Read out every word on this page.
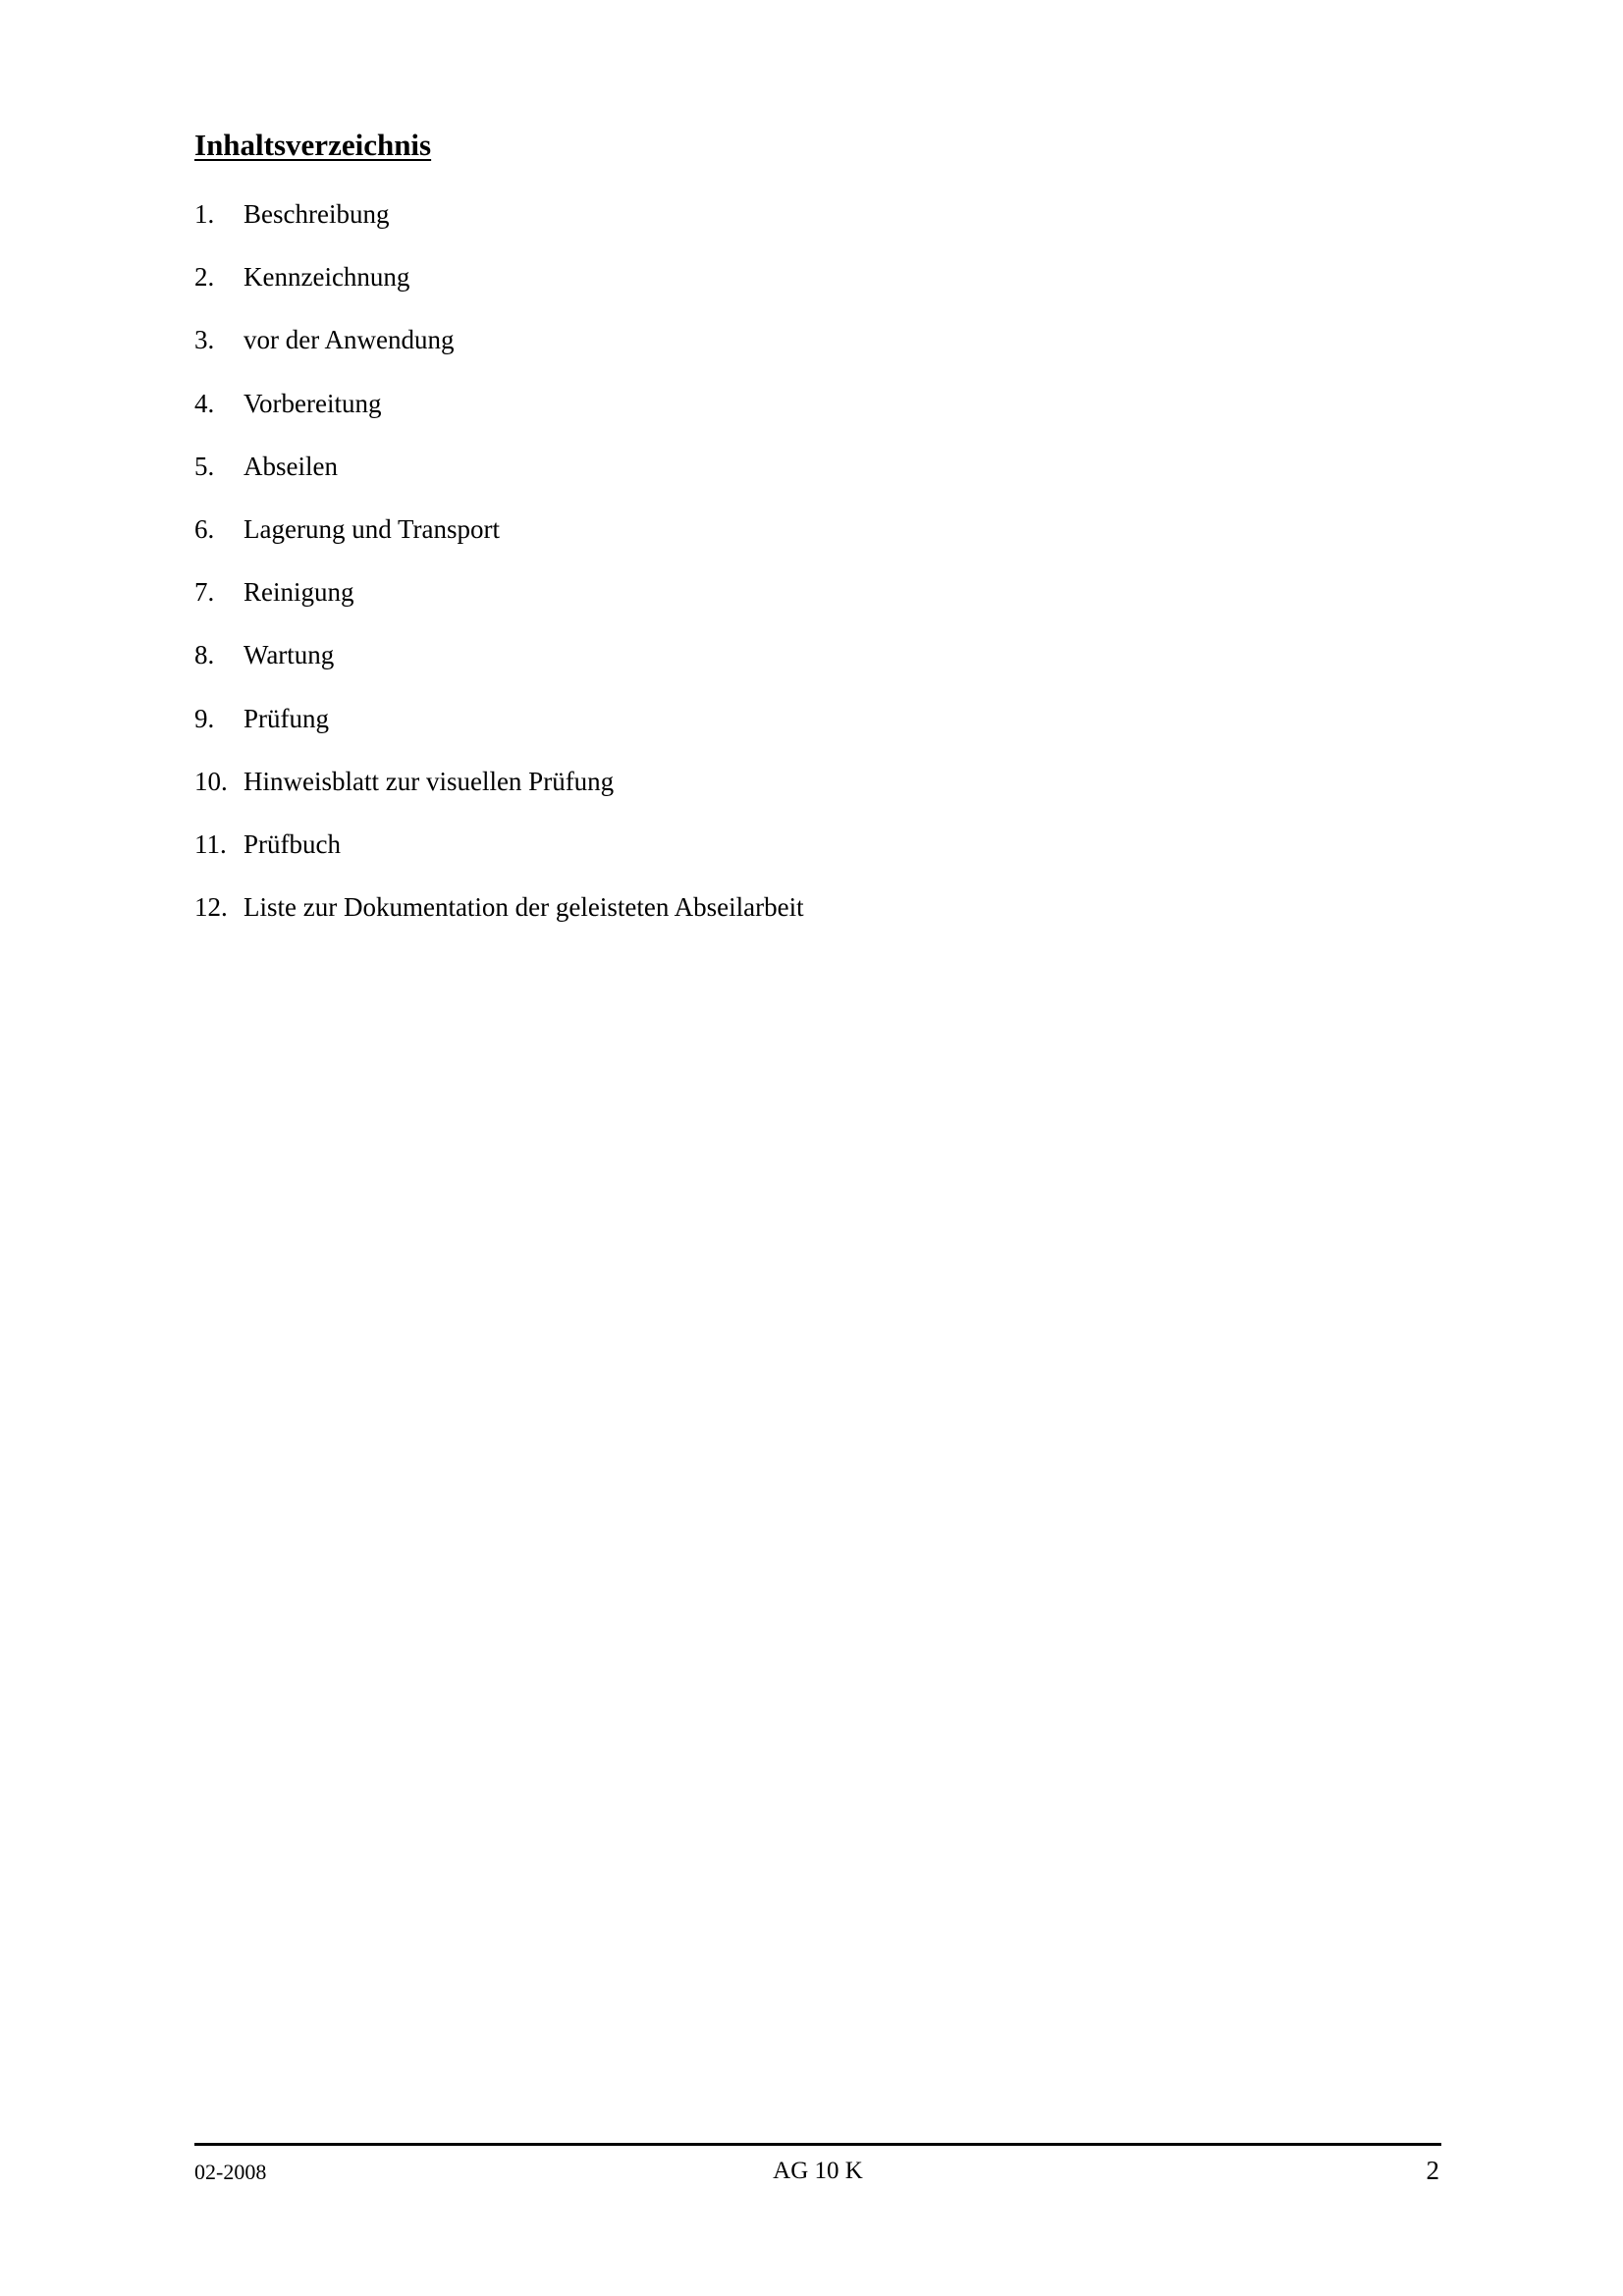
Inhaltsverzeichnis
1.	Beschreibung
2.	Kennzeichnung
3.	vor der Anwendung
4.	Vorbereitung
5.	Abseilen
6.	Lagerung und Transport
7.	Reinigung
8.	Wartung
9.	Prüfung
10. Hinweisblatt zur visuellen Prüfung
11. Prüfbuch
12. Liste zur Dokumentation der geleisteten Abseilarbeit
02-2008	AG 10 K	2
